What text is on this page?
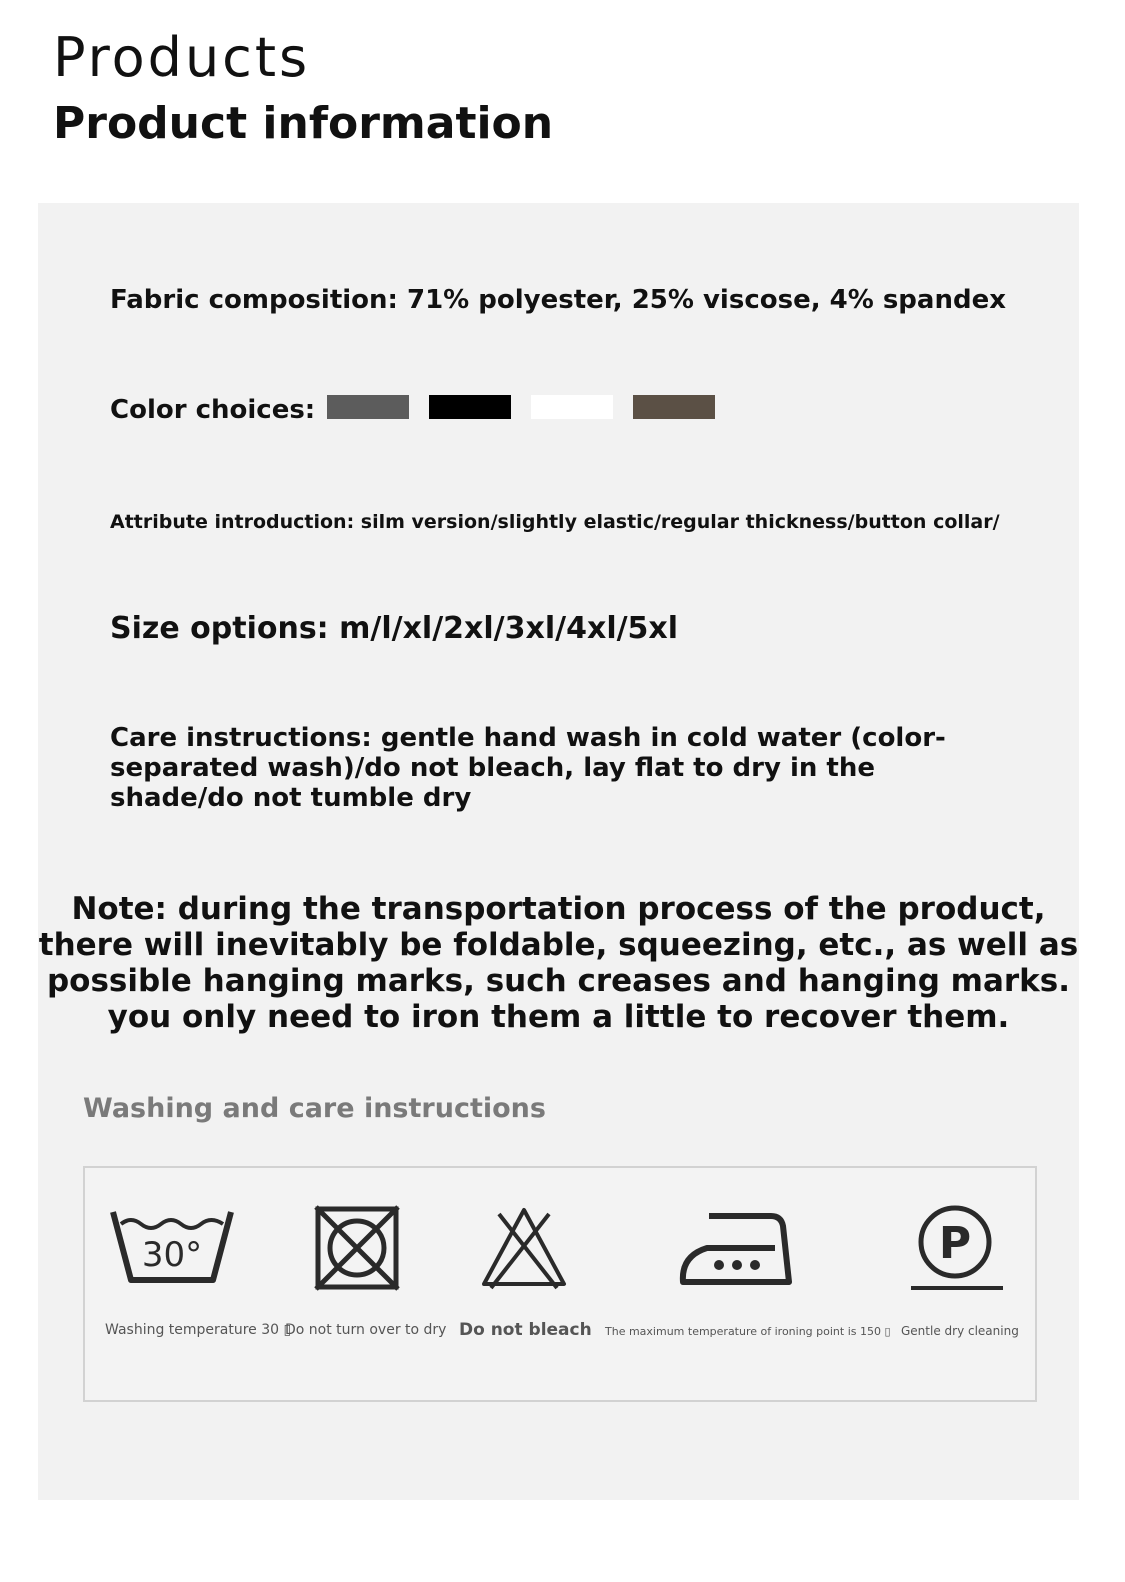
Products
Product information

Fabric composition: 71% polyester, 25% viscose, 4% spandex

Color choices:

Attribute introduction: silm version/slightly elastic/regular thickness/button collar/

Size options: m/l/xl/2xl/3xl/4xl/5xl

Care instructions: gentle hand wash in cold water (color-separated wash)/do not bleach, lay flat to dry in the shade/do not tumble dry

Note: during the transportation process of the product, there will inevitably be foldable, squeezing, etc., as well as possible hanging marks, such creases and hanging marks. you only need to iron them a little to recover them.

Washing and care instructions
30°
Washing temperature 30 ▯
Do not turn over to dry Do not bleach The maximum temperature of ironing point is 150 ▯
P
Gentle dry cleaning
